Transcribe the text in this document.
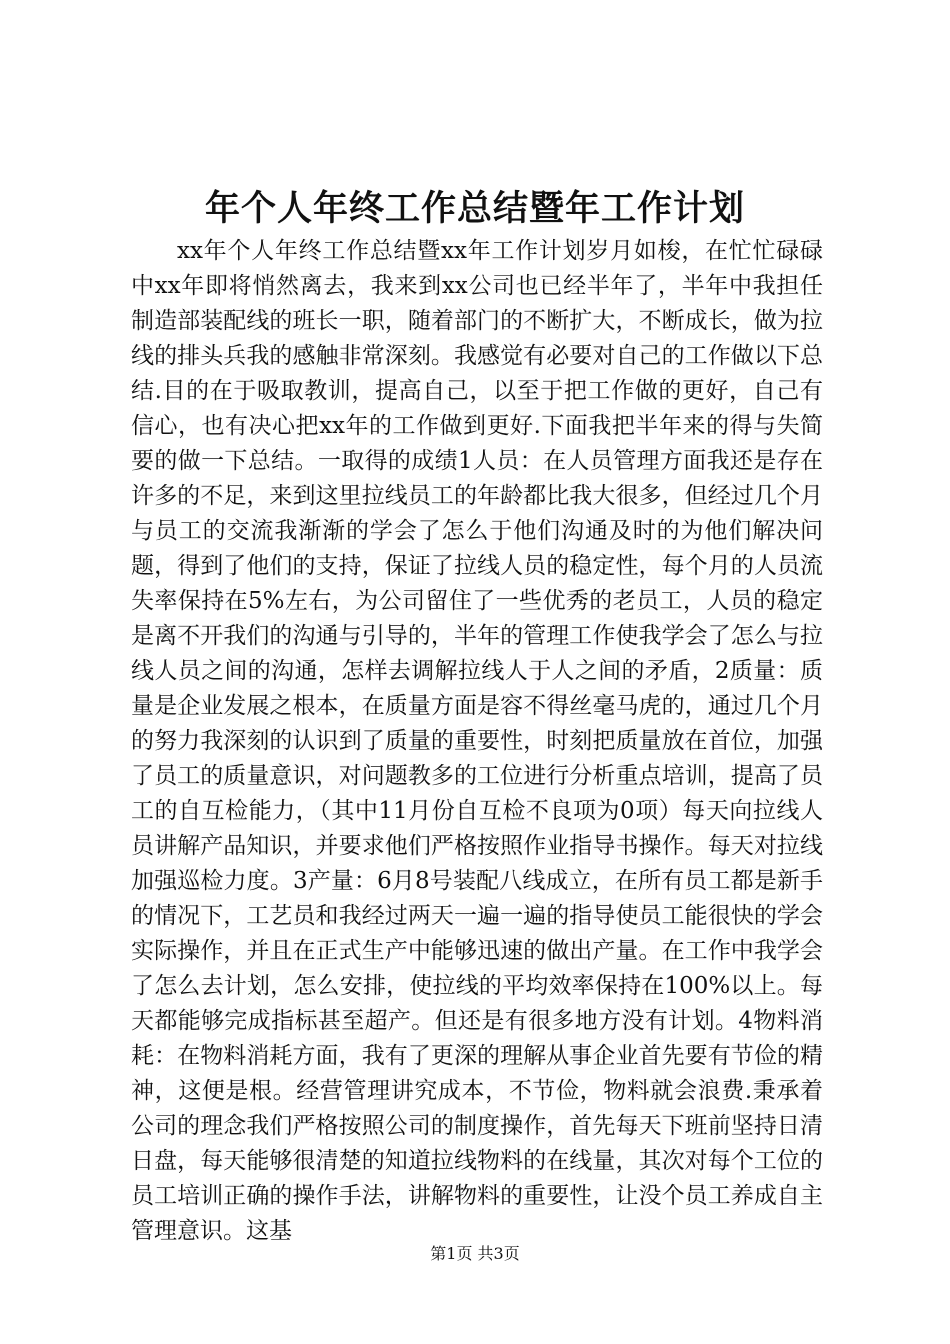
年个人年终工作总结暨年工作计划

xx年个人年终工作总结暨xx年工作计划岁月如梭，在忙忙碌碌中xx年即将悄然离去，我来到xx公司也已经半年了，半年中我担任制造部装配线的班长一职，随着部门的不断扩大，不断成长，做为拉线的排头兵我的感触非常深刻。我感觉有必要对自己的工作做以下总结.目的在于吸取教训，提高自己，以至于把工作做的更好，自己有信心，也有决心把xx年的工作做到更好.下面我把半年来的得与失简要的做一下总结。一取得的成绩1人员：在人员管理方面我还是存在许多的不足，来到这里拉线员工的年龄都比我大很多，但经过几个月与员工的交流我渐渐的学会了怎么于他们沟通及时的为他们解决问题，得到了他们的支持，保证了拉线人员的稳定性，每个月的人员流失率保持在5%左右，为公司留住了一些优秀的老员工，人员的稳定是离不开我们的沟通与引导的，半年的管理工作使我学会了怎么与拉线人员之间的沟通，怎样去调解拉线人于人之间的矛盾，2质量：质量是企业发展之根本，在质量方面是容不得丝毫马虎的，通过几个月的努力我深刻的认识到了质量的重要性，时刻把质量放在首位，加强了员工的质量意识，对问题教多的工位进行分析重点培训，提高了员工的自互检能力，（其中11月份自互检不良项为0项）每天向拉线人员讲解产品知识，并要求他们严格按照作业指导书操作。每天对拉线加强巡检力度。3产量：6月8号装配八线成立，在所有员工都是新手的情况下，工艺员和我经过两天一遍一遍的指导使员工能很快的学会实际操作，并且在正式生产中能够迅速的做出产量。在工作中我学会了怎么去计划，怎么安排，使拉线的平均效率保持在100%以上。每天都能够完成指标甚至超产。但还是有很多地方没有计划。4物料消耗：在物料消耗方面，我有了更深的理解从事企业首先要有节俭的精神，这便是根。经营管理讲究成本，不节俭，物料就会浪费.秉承着公司的理念我们严格按照公司的制度操作，首先每天下班前坚持日清日盘，每天能够很清楚的知道拉线物料的在线量，其次对每个工位的员工培训正确的操作手法，讲解物料的重要性，让没个员工养成自主管理意识。这基

第1页 共3页
